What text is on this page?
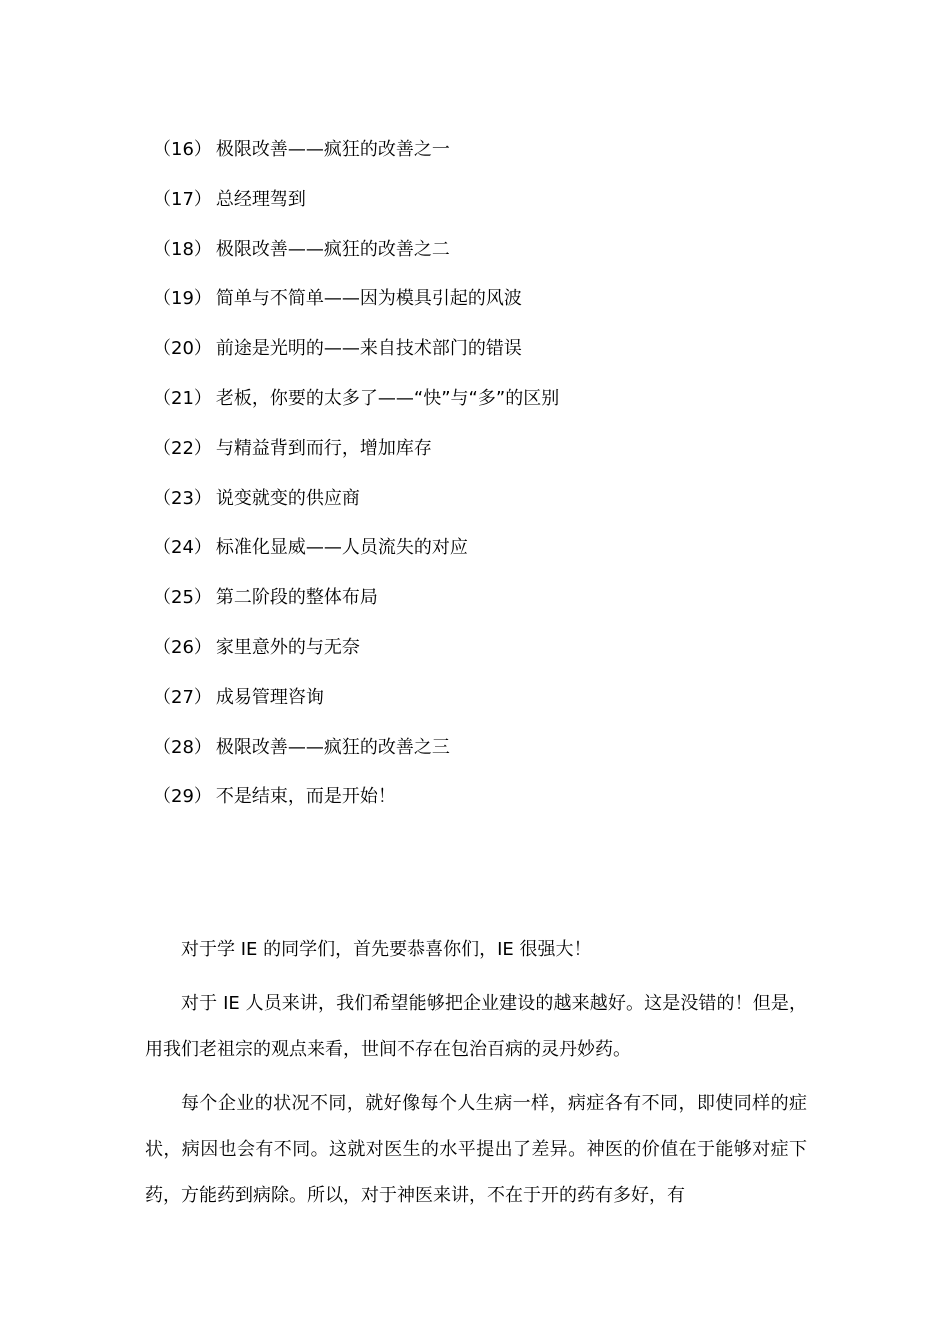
（16） 极限改善——疯狂的改善之一
（17） 总经理驾到
（18） 极限改善——疯狂的改善之二
（19） 简单与不简单——因为模具引起的风波
（20） 前途是光明的——来自技术部门的错误
（21） 老板，你要的太多了——“快”与“多”的区别
（22） 与精益背到而行，增加库存
（23） 说变就变的供应商
（24） 标准化显威——人员流失的对应
（25） 第二阶段的整体布局
（26） 家里意外的与无奈
（27） 成易管理咨询
（28） 极限改善——疯狂的改善之三
（29） 不是结束，而是开始！

对于学 IE 的同学们，首先要恭喜你们，IE 很强大！

对于 IE 人员来讲，我们希望能够把企业建设的越来越好。这是没错的！但是，用我们老祖宗的观点来看，世间不存在包治百病的灵丹妙药。

每个企业的状况不同，就好像每个人生病一样，病症各有不同，即使同样的症状，病因也会有不同。这就对医生的水平提出了差异。神医的价值在于能够对症下药，方能药到病除。所以，对于神医来讲，不在于开的药有多好，有
